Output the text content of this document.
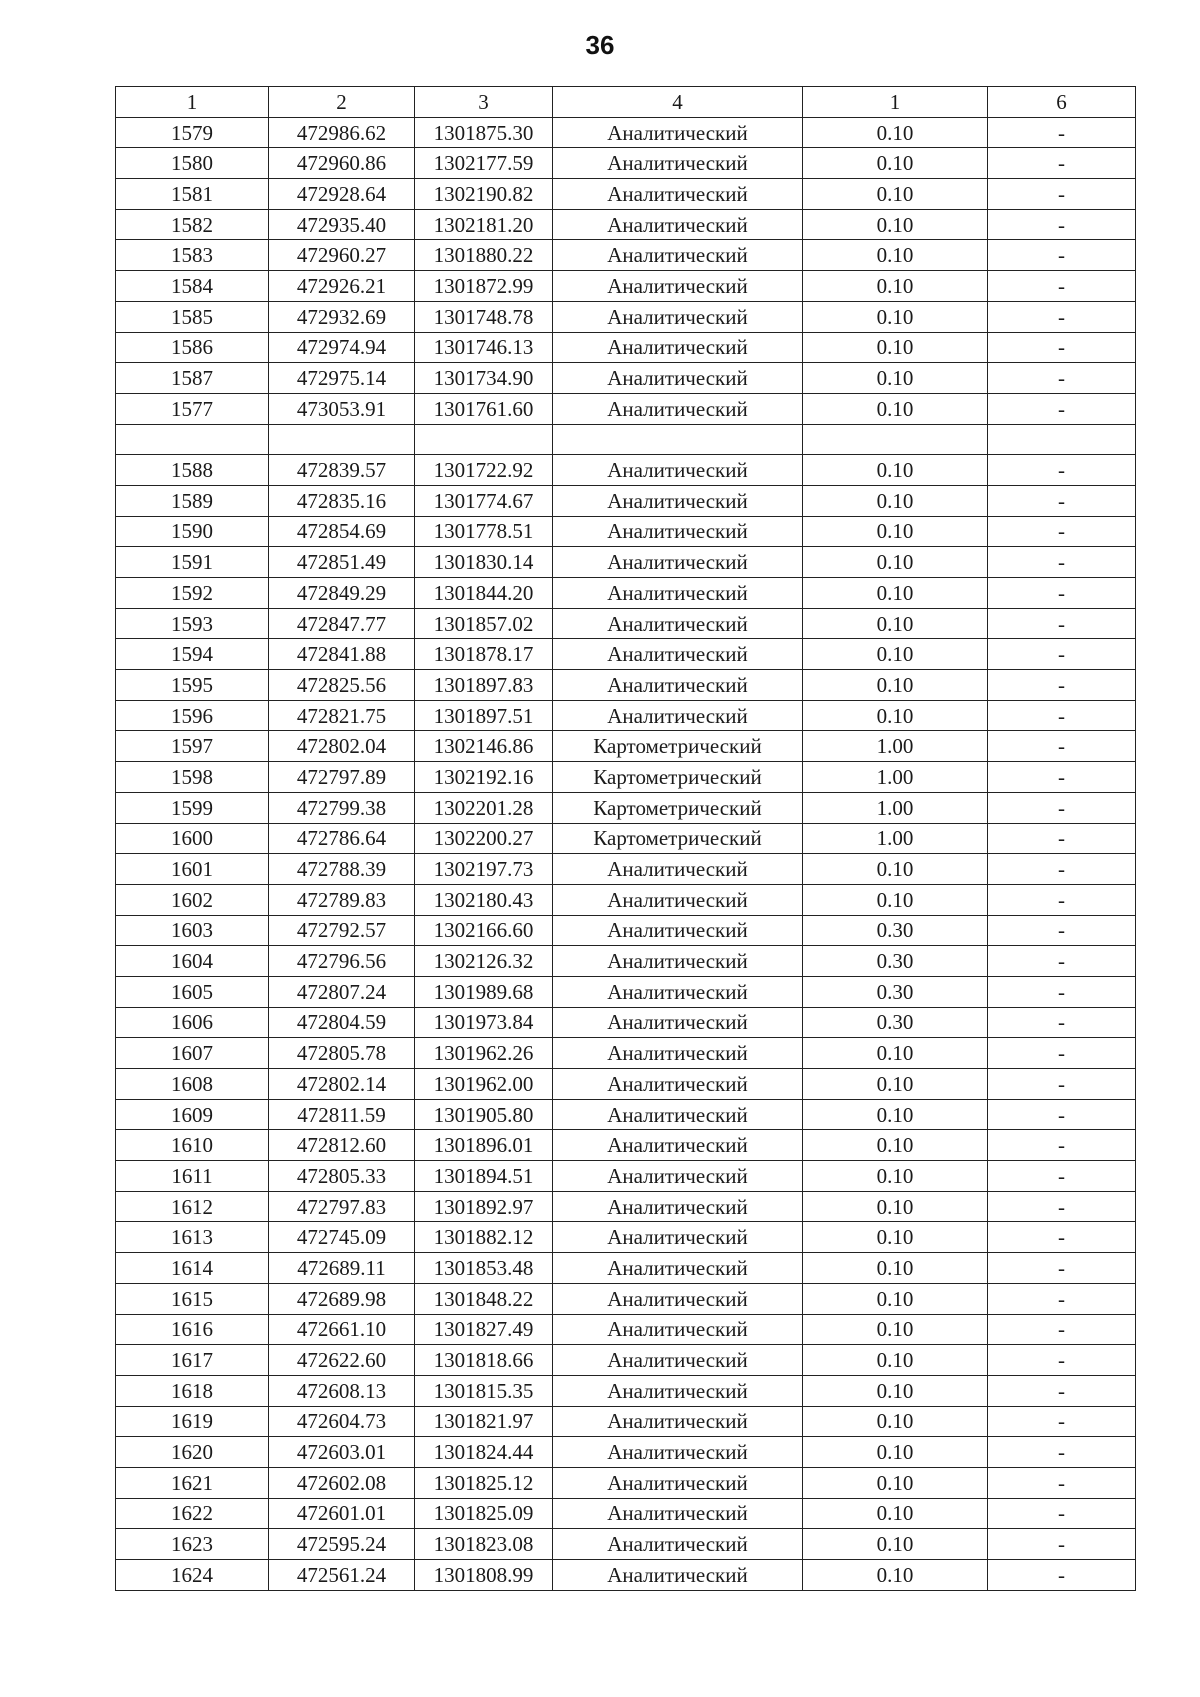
36
1	2	3	4	1	6
1579	472986.62	1301875.30	Аналитический	0.10	-
1580	472960.86	1302177.59	Аналитический	0.10	-
1581	472928.64	1302190.82	Аналитический	0.10	-
1582	472935.40	1302181.20	Аналитический	0.10	-
1583	472960.27	1301880.22	Аналитический	0.10	-
1584	472926.21	1301872.99	Аналитический	0.10	-
1585	472932.69	1301748.78	Аналитический	0.10	-
1586	472974.94	1301746.13	Аналитический	0.10	-
1587	472975.14	1301734.90	Аналитический	0.10	-
1577	473053.91	1301761.60	Аналитический	0.10	-

1588	472839.57	1301722.92	Аналитический	0.10	-
1589	472835.16	1301774.67	Аналитический	0.10	-
1590	472854.69	1301778.51	Аналитический	0.10	-
1591	472851.49	1301830.14	Аналитический	0.10	-
1592	472849.29	1301844.20	Аналитический	0.10	-
1593	472847.77	1301857.02	Аналитический	0.10	-
1594	472841.88	1301878.17	Аналитический	0.10	-
1595	472825.56	1301897.83	Аналитический	0.10	-
1596	472821.75	1301897.51	Аналитический	0.10	-
1597	472802.04	1302146.86	Картометрический	1.00	-
1598	472797.89	1302192.16	Картометрический	1.00	-
1599	472799.38	1302201.28	Картометрический	1.00	-
1600	472786.64	1302200.27	Картометрический	1.00	-
1601	472788.39	1302197.73	Аналитический	0.10	-
1602	472789.83	1302180.43	Аналитический	0.10	-
1603	472792.57	1302166.60	Аналитический	0.30	-
1604	472796.56	1302126.32	Аналитический	0.30	-
1605	472807.24	1301989.68	Аналитический	0.30	-
1606	472804.59	1301973.84	Аналитический	0.30	-
1607	472805.78	1301962.26	Аналитический	0.10	-
1608	472802.14	1301962.00	Аналитический	0.10	-
1609	472811.59	1301905.80	Аналитический	0.10	-
1610	472812.60	1301896.01	Аналитический	0.10	-
1611	472805.33	1301894.51	Аналитический	0.10	-
1612	472797.83	1301892.97	Аналитический	0.10	-
1613	472745.09	1301882.12	Аналитический	0.10	-
1614	472689.11	1301853.48	Аналитический	0.10	-
1615	472689.98	1301848.22	Аналитический	0.10	-
1616	472661.10	1301827.49	Аналитический	0.10	-
1617	472622.60	1301818.66	Аналитический	0.10	-
1618	472608.13	1301815.35	Аналитический	0.10	-
1619	472604.73	1301821.97	Аналитический	0.10	-
1620	472603.01	1301824.44	Аналитический	0.10	-
1621	472602.08	1301825.12	Аналитический	0.10	-
1622	472601.01	1301825.09	Аналитический	0.10	-
1623	472595.24	1301823.08	Аналитический	0.10	-
1624	472561.24	1301808.99	Аналитический	0.10	-
